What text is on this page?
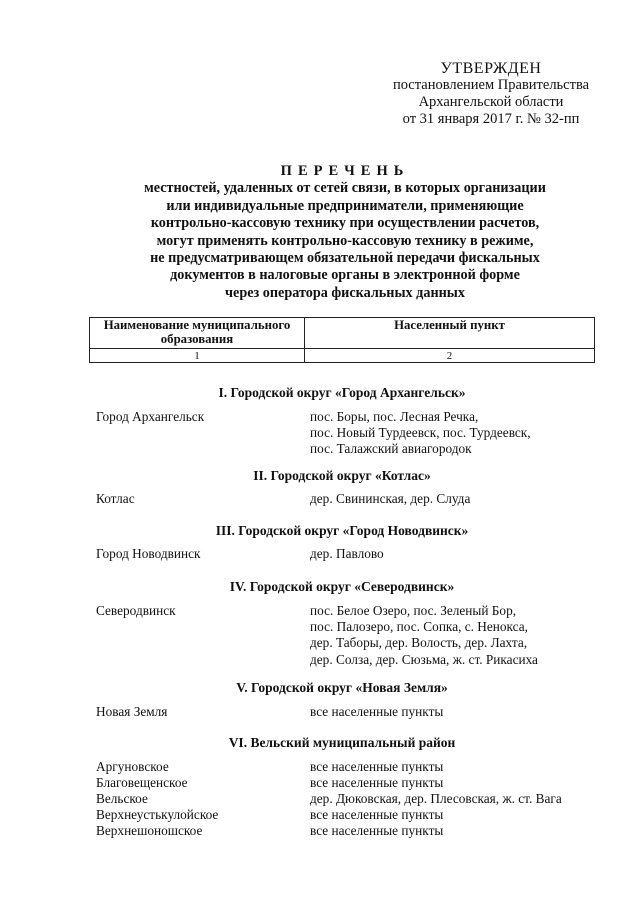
УТВЕРЖДЕН
постановлением Правительства
Архангельской области
от 31 января 2017 г. № 32-пп
ПЕРЕЧЕНЬ
местностей, удаленных от сетей связи, в которых организации
или индивидуальные предприниматели, применяющие
контрольно-кассовую технику при осуществлении расчетов,
могут применять контрольно-кассовую технику в режиме,
не предусматривающем обязательной передачи фискальных
документов в налоговые органы в электронной форме
через оператора фискальных данных
Наименование муниципального образования	Населенный пункт
1	2
I. Городской округ «Город Архангельск»
Город Архангельск	пос. Боры, пос. Лесная Речка,
пос. Новый Турдеевск, пос. Турдеевск,
пос. Талажский авиагородок
II. Городской округ «Котлас»
Котлас	дер. Свининская, дер. Слуда
III. Городской округ «Город Новодвинск»
Город Новодвинск	дер. Павлово
IV. Городской округ «Северодвинск»
Северодвинск	пос. Белое Озеро, пос. Зеленый Бор,
пос. Палозеро, пос. Сопка, с. Ненокса,
дер. Таборы, дер. Волость, дер. Лахта,
дер. Солза, дер. Сюзьма, ж. ст. Рикасиха
V. Городской округ «Новая Земля»
Новая Земля	все населенные пункты
VI. Вельский муниципальный район
Аргуновское	все населенные пункты
Благовещенское	все населенные пункты
Вельское	дер. Дюковская, дер. Плесовская, ж. ст. Вага
Верхнеустькулойское	все населенные пункты
Верхнешоношское	все населенные пункты
